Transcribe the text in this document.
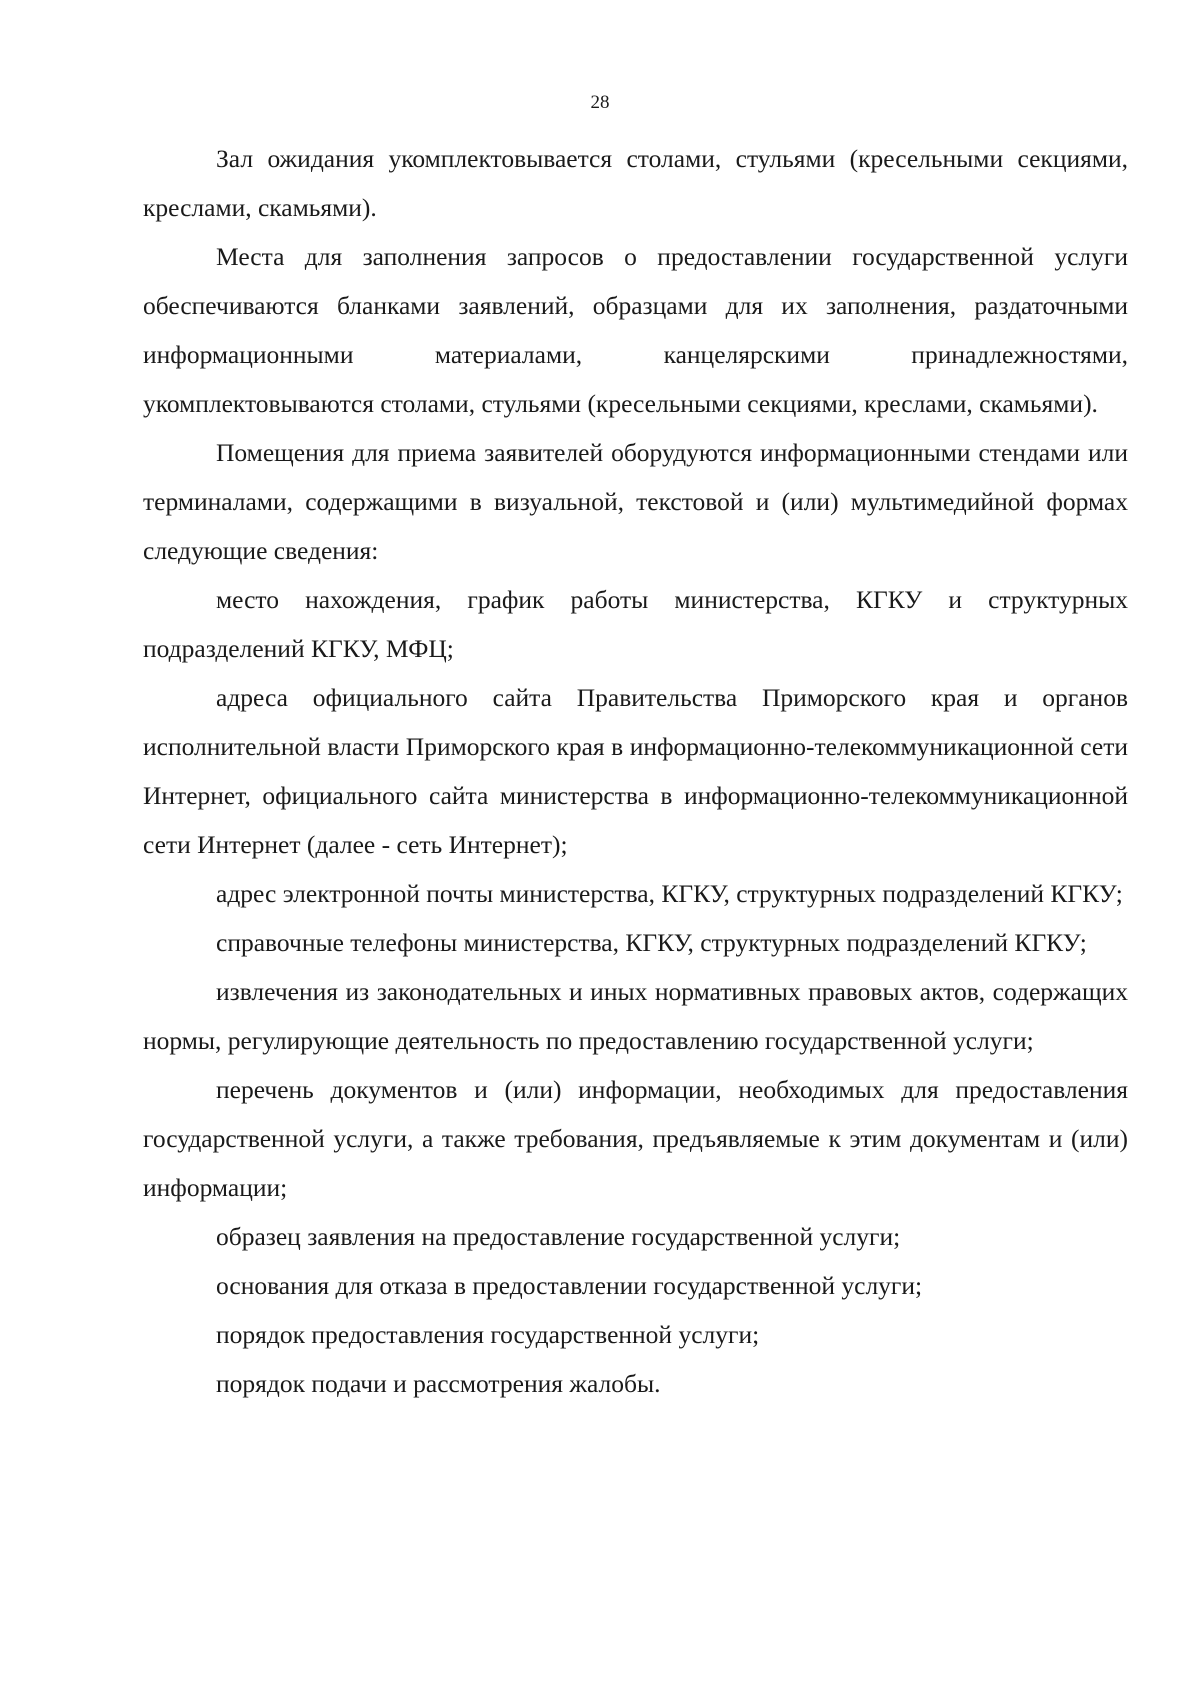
28

Зал ожидания укомплектовывается столами, стульями (кресельными секциями, креслами, скамьями).

Места для заполнения запросов о предоставлении государственной услуги обеспечиваются бланками заявлений, образцами для их заполнения, раздаточными информационными материалами, канцелярскими принадлежностями, укомплектовываются столами, стульями (кресельными секциями, креслами, скамьями).

Помещения для приема заявителей оборудуются информационными стендами или терминалами, содержащими в визуальной, текстовой и (или) мультимедийной формах следующие сведения:

место нахождения, график работы министерства, КГКУ и структурных подразделений КГКУ, МФЦ;

адреса официального сайта Правительства Приморского края и органов исполнительной власти Приморского края в информационно-телекоммуникационной сети Интернет, официального сайта министерства в информационно-телекоммуникационной сети Интернет (далее - сеть Интернет);

адрес электронной почты министерства, КГКУ, структурных подразделений КГКУ;

справочные телефоны министерства, КГКУ, структурных подразделений КГКУ;

извлечения из законодательных и иных нормативных правовых актов, содержащих нормы, регулирующие деятельность по предоставлению государственной услуги;

перечень документов и (или) информации, необходимых для предоставления государственной услуги, а также требования, предъявляемые к этим документам и (или) информации;

образец заявления на предоставление государственной услуги;

основания для отказа в предоставлении государственной услуги;

порядок предоставления государственной услуги;

порядок подачи и рассмотрения жалобы.
